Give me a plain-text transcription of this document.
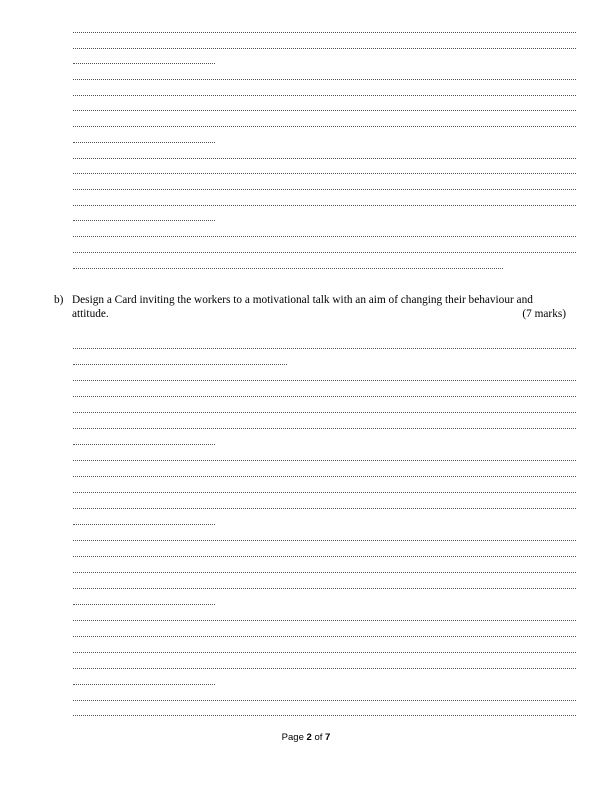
b) Design a Card inviting the workers to a motivational talk with an aim of changing their behaviour and attitude.	(7 marks)
Page 2 of 7
